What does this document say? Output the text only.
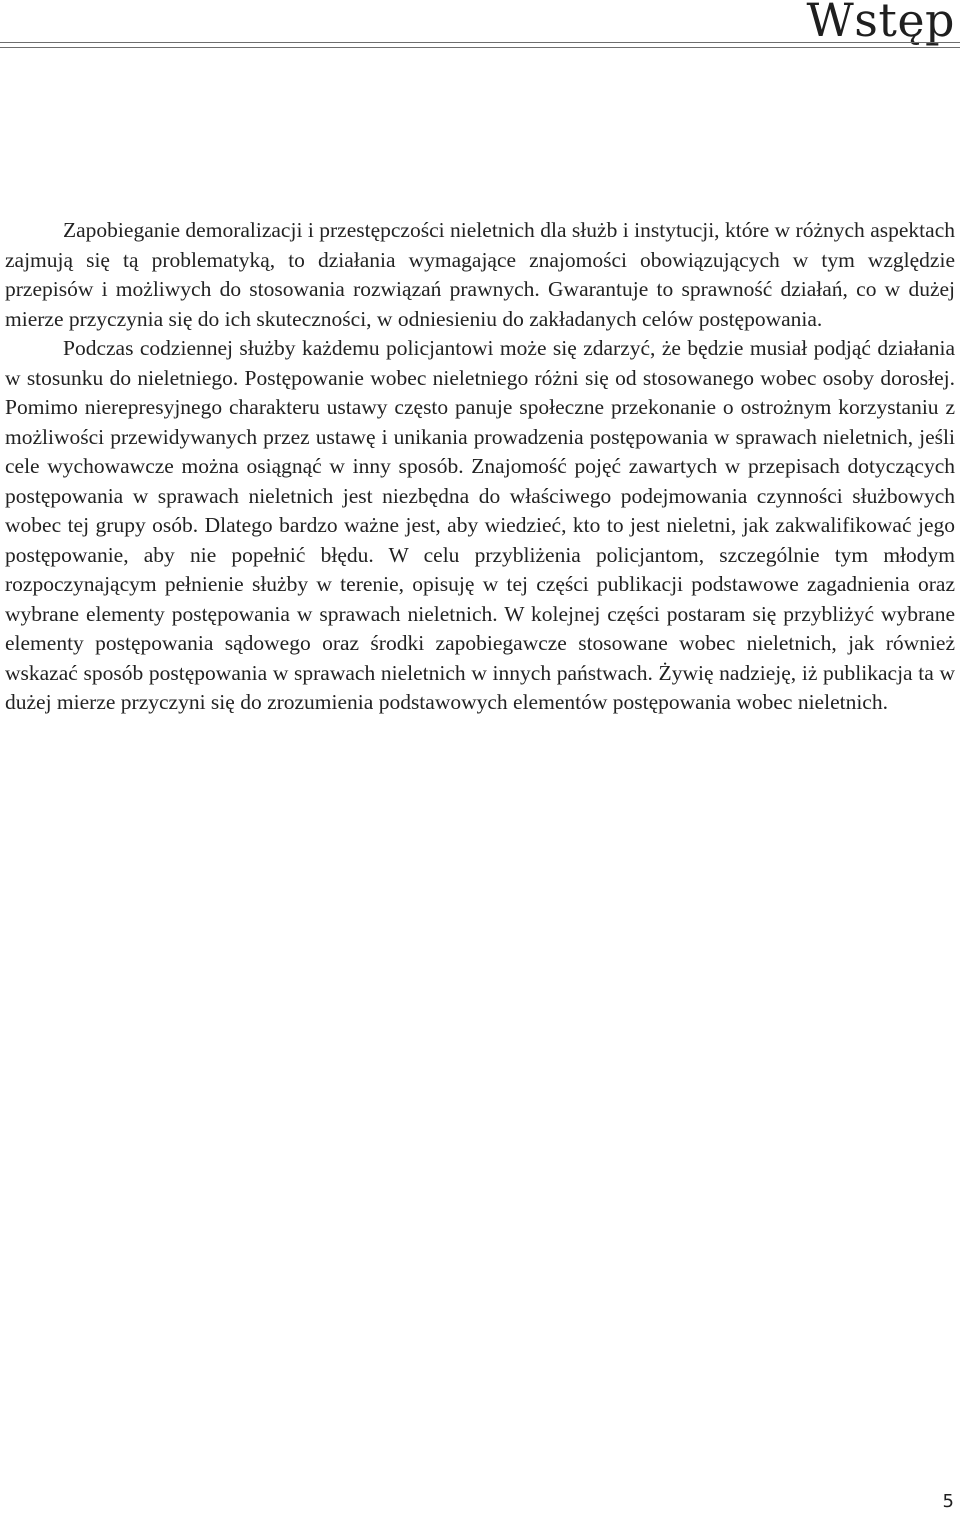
Wstęp

Zapobieganie demoralizacji i przestępczości nieletnich dla służb i instytucji, które w różnych aspektach zajmują się tą problematyką, to działania wymagające znajomości obowiązujących w tym względzie przepisów i możliwych do stosowania rozwiązań prawnych. Gwarantuje to sprawność działań, co w dużej mierze przyczynia się do ich skuteczności, w odniesieniu do zakładanych celów postępowania.

Podczas codziennej służby każdemu policjantowi może się zdarzyć, że będzie musiał podjąć działania w stosunku do nieletniego. Postępowanie wobec nieletniego różni się od stosowanego wobec osoby dorosłej. Pomimo nierepresyjnego charakteru ustawy często panuje społeczne przekonanie o ostrożnym korzystaniu z możliwości przewidywanych przez ustawę i unikania prowadzenia postępowania w sprawach nieletnich, jeśli cele wychowawcze można osiągnąć w inny sposób. Znajomość pojęć zawartych w przepisach dotyczących postępowania w sprawach nieletnich jest niezbędna do właściwego podejmowania czynności służbowych wobec tej grupy osób. Dlatego bardzo ważne jest, aby wiedzieć, kto to jest nieletni, jak zakwalifikować jego postępowanie, aby nie popełnić błędu. W celu przybliżenia policjantom, szczególnie tym młodym rozpoczynającym pełnienie służby w terenie, opisuję w tej części publikacji podstawowe zagadnienia oraz wybrane elementy postępowania w sprawach nieletnich. W kolejnej części postaram się przybliżyć wybrane elementy postępowania sądowego oraz środki zapobiegawcze stosowane wobec nieletnich, jak również wskazać sposób postępowania w sprawach nieletnich w innych państwach. Żywię nadzieję, iż publikacja ta w dużej mierze przyczyni się do zrozumienia podstawowych elementów postępowania wobec nieletnich.

5
